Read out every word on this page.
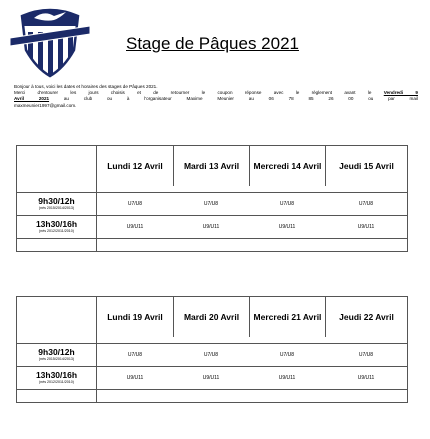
Stage de Pâques 2021

Bonjour à tous, voici les dates et horaires des stages de Pâques 2021.

Merci d'entourer les jours choisis et de retourner le coupon réponse avec le règlement avant le Vendredi 9

Avril 2021 au club ou à l'organisateur Maxime Meunier au 06 78 85 26 00 ou par mail

maxmeunier1997@gmail.com.

	Lundi 12 Avril	Mardi 13 Avril	Mercredi 14 Avril	Jeudi 15 Avril

9h30/12h
(nés 2015/2014/2013)	U7/U8	U7/U8	U7/U8	U7/U8

13h30/16h
(nés 2012/2011/2010)	U9/U11	U9/U11	U9/U11	U9/U11

	Lundi 19 Avril	Mardi 20 Avril	Mercredi 21 Avril	Jeudi 22 Avril

9h30/12h
(nés 2015/2014/2013)	U7/U8	U7/U8	U7/U8	U7/U8

13h30/16h
(nés 2012/2011/2010)	U9/U11	U9/U11	U9/U11	U9/U11
